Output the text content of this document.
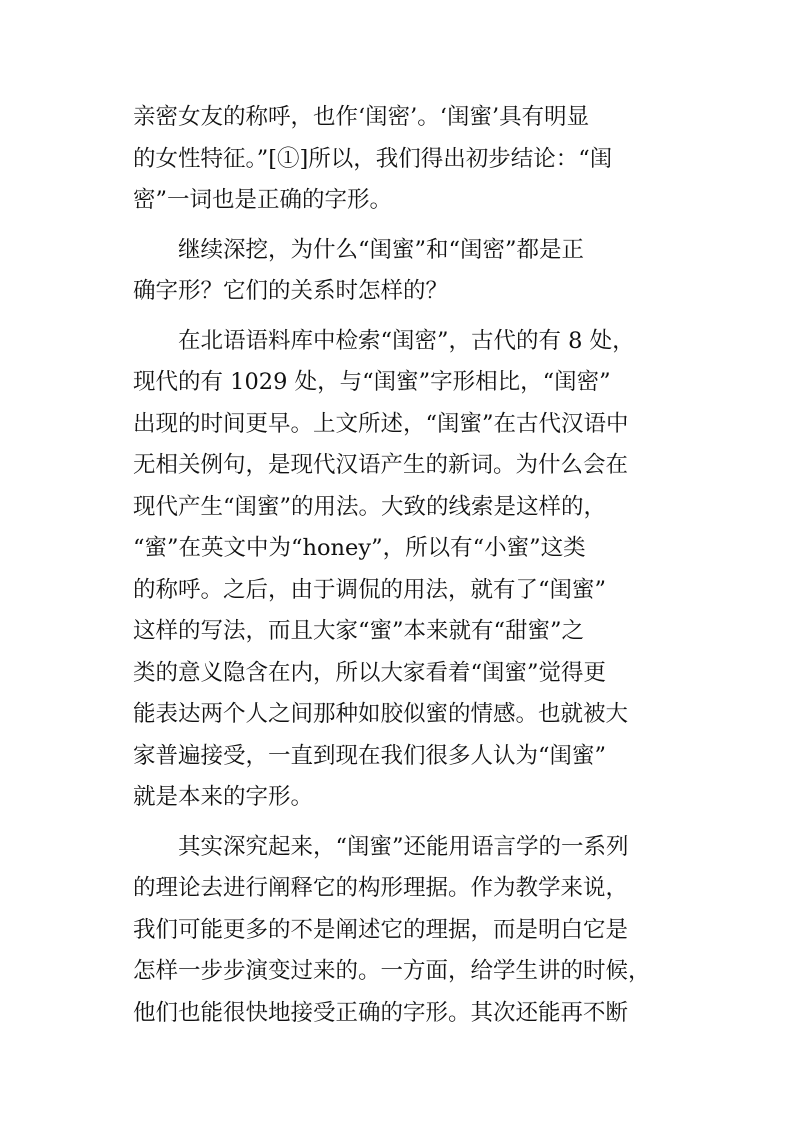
亲密女友的称呼，也作‘闺密’。‘闺蜜’具有明显
的女性特征。”[①]所以，我们得出初步结论：“闺
密”一词也是正确的字形。
　　继续深挖，为什么“闺蜜”和“闺密”都是正
确字形？它们的关系时怎样的？
　　在北语语料库中检索“闺密”，古代的有 8 处，
现代的有 1029 处，与“闺蜜”字形相比，“闺密”
出现的时间更早。上文所述，“闺蜜”在古代汉语中
无相关例句，是现代汉语产生的新词。为什么会在
现代产生“闺蜜”的用法。大致的线索是这样的，
“蜜”在英文中为“honey”，所以有“小蜜”这类
的称呼。之后，由于调侃的用法，就有了“闺蜜”
这样的写法，而且大家“蜜”本来就有“甜蜜”之
类的意义隐含在内，所以大家看着“闺蜜”觉得更
能表达两个人之间那种如胶似蜜的情感。也就被大
家普遍接受，一直到现在我们很多人认为“闺蜜”
就是本来的字形。
　　其实深究起来，“闺蜜”还能用语言学的一系列
的理论去进行阐释它的构形理据。作为教学来说，
我们可能更多的不是阐述它的理据，而是明白它是
怎样一步步演变过来的。一方面，给学生讲的时候，
他们也能很快地接受正确的字形。其次还能再不断
